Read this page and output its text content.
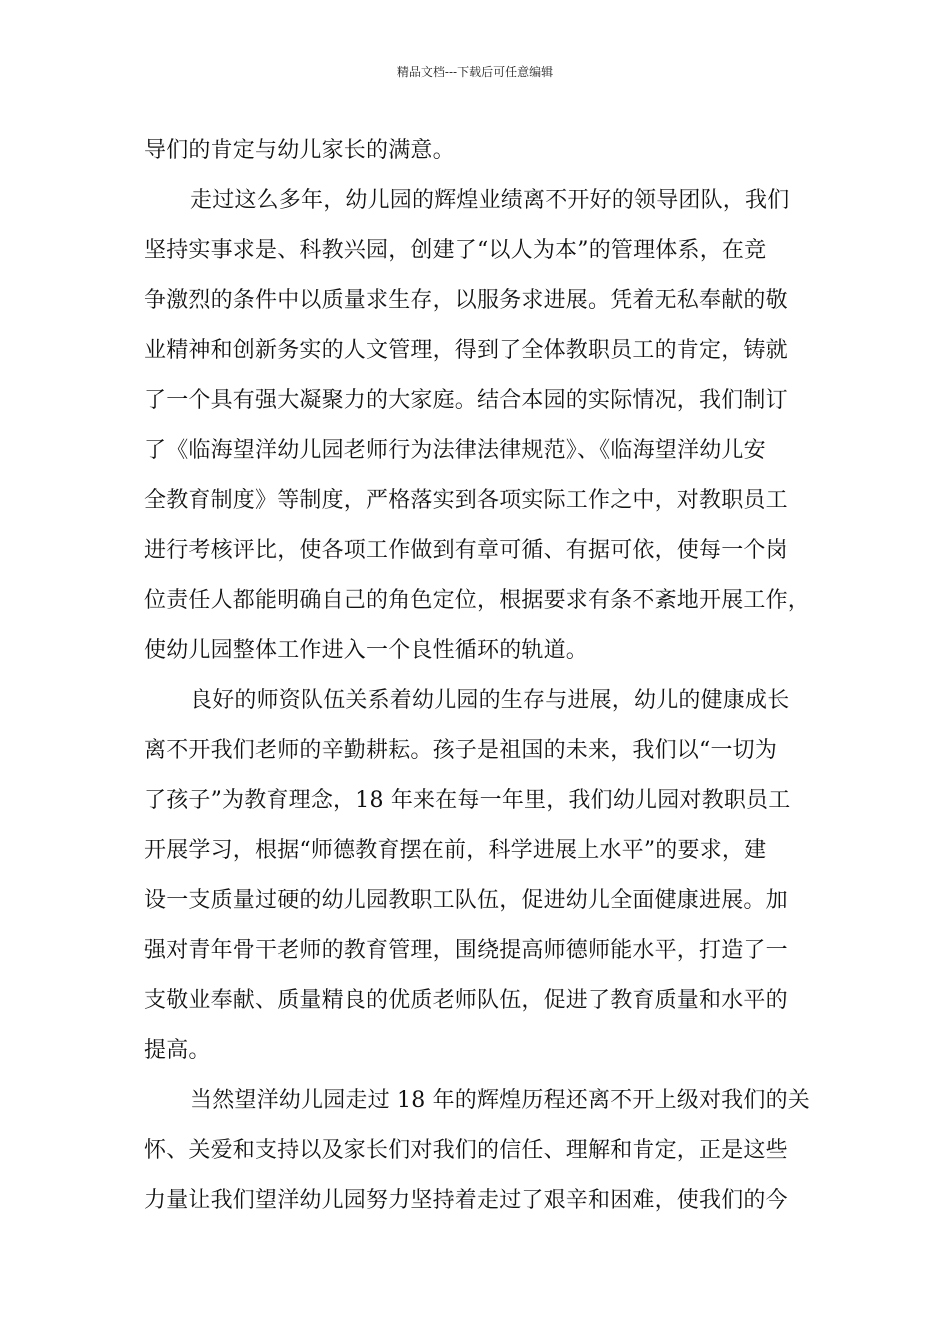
精品文档---下载后可任意编辑
导们的肯定与幼儿家长的满意。
走过这么多年，幼儿园的辉煌业绩离不开好的领导团队，我们
坚持实事求是、科教兴园，创建了“以人为本”的管理体系，在竞
争激烈的条件中以质量求生存，以服务求进展。凭着无私奉献的敬
业精神和创新务实的人文管理，得到了全体教职员工的肯定，铸就
了一个具有强大凝聚力的大家庭。结合本园的实际情况，我们制订
了《临海望洋幼儿园老师行为法律法律规范》、《临海望洋幼儿安
全教育制度》等制度，严格落实到各项实际工作之中，对教职员工
进行考核评比，使各项工作做到有章可循、有据可依，使每一个岗
位责任人都能明确自己的角色定位，根据要求有条不紊地开展工作，
使幼儿园整体工作进入一个良性循环的轨道。
良好的师资队伍关系着幼儿园的生存与进展，幼儿的健康成长
离不开我们老师的辛勤耕耘。孩子是祖国的未来，我们以“一切为
了孩子”为教育理念，18 年来在每一年里，我们幼儿园对教职员工
开展学习，根据“师德教育摆在前，科学进展上水平”的要求，建
设一支质量过硬的幼儿园教职工队伍，促进幼儿全面健康进展。加
强对青年骨干老师的教育管理，围绕提高师德师能水平，打造了一
支敬业奉献、质量精良的优质老师队伍，促进了教育质量和水平的
提高。
当然望洋幼儿园走过 18 年的辉煌历程还离不开上级对我们的关
怀、关爱和支持以及家长们对我们的信任、理解和肯定，正是这些
力量让我们望洋幼儿园努力坚持着走过了艰辛和困难，使我们的今
